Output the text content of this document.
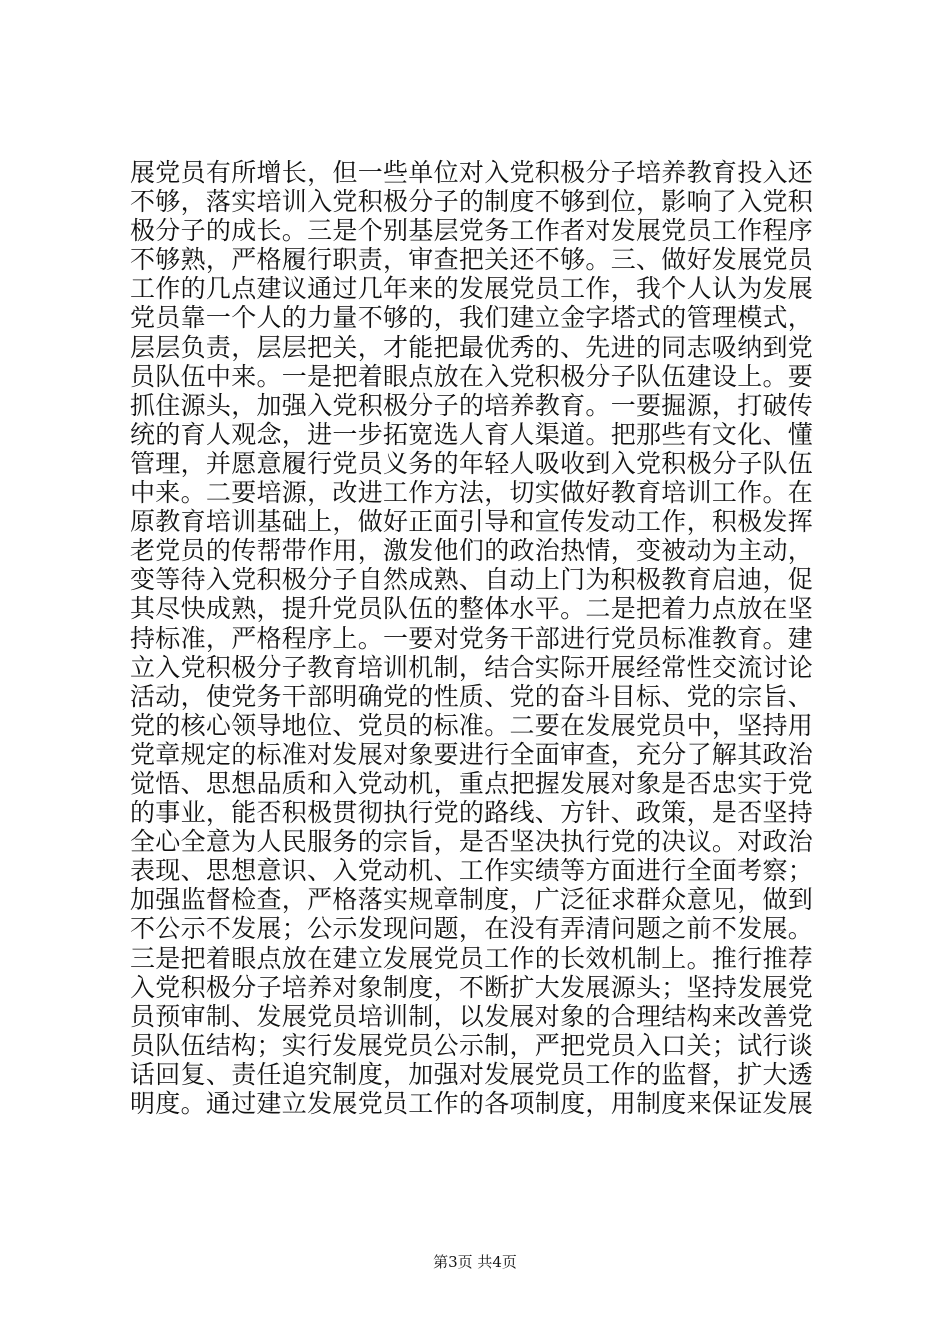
展党员有所增长，但一些单位对入党积极分子培养教育投入还
不够，落实培训入党积极分子的制度不够到位，影响了入党积
极分子的成长。三是个别基层党务工作者对发展党员工作程序
不够熟，严格履行职责，审查把关还不够。三、做好发展党员
工作的几点建议通过几年来的发展党员工作，我个人认为发展
党员靠一个人的力量不够的，我们建立金字塔式的管理模式，
层层负责，层层把关，才能把最优秀的、先进的同志吸纳到党
员队伍中来。一是把着眼点放在入党积极分子队伍建设上。要
抓住源头，加强入党积极分子的培养教育。一要掘源，打破传
统的育人观念，进一步拓宽选人育人渠道。把那些有文化、懂
管理，并愿意履行党员义务的年轻人吸收到入党积极分子队伍
中来。二要培源，改进工作方法，切实做好教育培训工作。在
原教育培训基础上，做好正面引导和宣传发动工作，积极发挥
老党员的传帮带作用，激发他们的政治热情，变被动为主动，
变等待入党积极分子自然成熟、自动上门为积极教育启迪，促
其尽快成熟，提升党员队伍的整体水平。二是把着力点放在坚
持标准，严格程序上。一要对党务干部进行党员标准教育。建
立入党积极分子教育培训机制，结合实际开展经常性交流讨论
活动，使党务干部明确党的性质、党的奋斗目标、党的宗旨、
党的核心领导地位、党员的标准。二要在发展党员中，坚持用
党章规定的标准对发展对象要进行全面审查，充分了解其政治
觉悟、思想品质和入党动机，重点把握发展对象是否忠实于党
的事业，能否积极贯彻执行党的路线、方针、政策，是否坚持
全心全意为人民服务的宗旨，是否坚决执行党的决议。对政治
表现、思想意识、入党动机、工作实绩等方面进行全面考察；
加强监督检查，严格落实规章制度，广泛征求群众意见，做到
不公示不发展；公示发现问题，在没有弄清问题之前不发展。
三是把着眼点放在建立发展党员工作的长效机制上。推行推荐
入党积极分子培养对象制度，不断扩大发展源头；坚持发展党
员预审制、发展党员培训制，以发展对象的合理结构来改善党
员队伍结构；实行发展党员公示制，严把党员入口关；试行谈
话回复、责任追究制度，加强对发展党员工作的监督，扩大透
明度。通过建立发展党员工作的各项制度，用制度来保证发展
第3页 共4页
